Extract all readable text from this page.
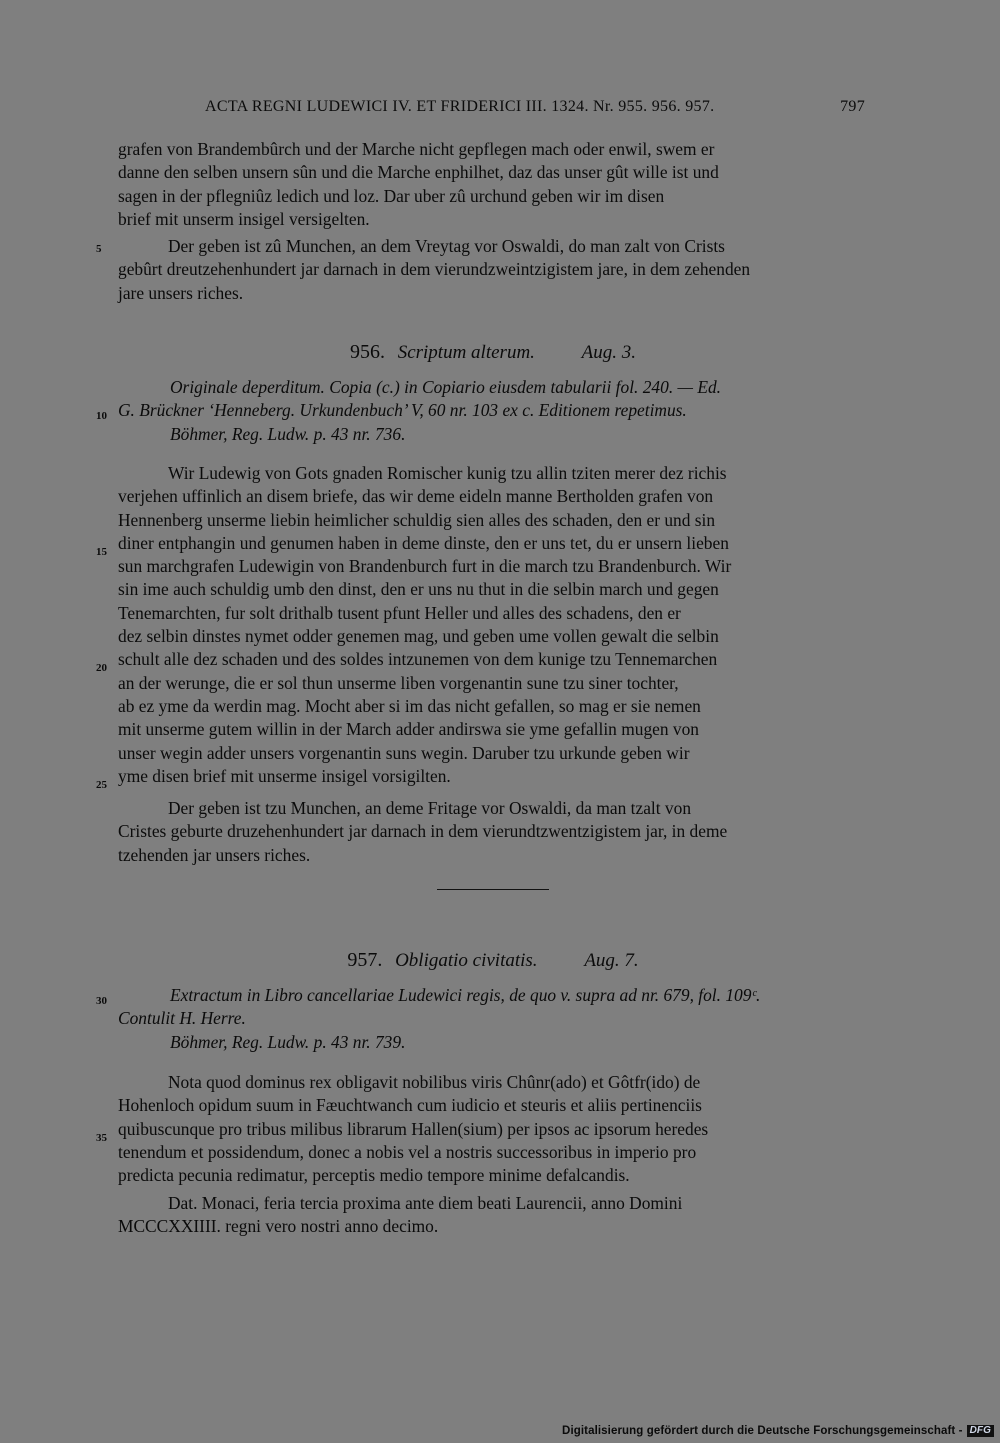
ACTA REGNI LUDEWICI IV. ET FRIDERICI III. 1324. Nr. 955. 956. 957.	797

grafen von Brandembûrch und der Marche nicht gepflegen mach oder enwil, swem er

danne den selben unsern sûn und die Marche enphilhet, daz das unser gût wille ist und

sagen in der pflegniûz ledich und loz. Dar uber zû urchund geben wir im disen

brief mit unserm insigel versigelten.

5	Der geben ist zû Munchen, an dem Vreytag vor Oswaldi, do man zalt von Crists

gebûrt dreutzehenhundert jar darnach in dem vierundzweintzigistem jare, in dem zehenden

jare unsers riches.

956. Scriptum alterum. Aug. 3.
10
Originale deperditum. Copia (c.) in Copiario eiusdem tabularii fol. 240. — Ed.
G. Brückner ‘Henneberg. Urkundenbuch’ V, 60 nr. 103 ex c. Editionem repetimus.
Böhmer, Reg. Ludw. p. 43 nr. 736.
15
20
25

Wir Ludewig von Gots gnaden Romischer kunig tzu allin tziten merer dez richis

verjehen uffinlich an disem briefe, das wir deme eideln manne Bertholden grafen von

Hennenberg unserme liebin heimlicher schuldig sien alles des schaden, den er und sin

diner entphangin und genumen haben in deme dinste, den er uns tet, du er unsern lieben

sun marchgrafen Ludewigin von Brandenburch furt in die march tzu Brandenburch. Wir

sin ime auch schuldig umb den dinst, den er uns nu thut in die selbin march und gegen

Tenemarchten, fur solt drithalb tusent pfunt Heller und alles des schadens, den er

dez selbin dinstes nymet odder genemen mag, und geben ume vollen gewalt die selbin

schult alle dez schaden und des soldes intzunemen von dem kunige tzu Tennemarchen

an der werunge, die er sol thun unserme liben vorgenantin sune tzu siner tochter,

ab ez yme da werdin mag. Mocht aber si im das nicht gefallen, so mag er sie nemen

mit unserme gutem willin in der March adder andirswa sie yme gefallin mugen von

unser wegin adder unsers vorgenantin suns wegin. Daruber tzu urkunde geben wir

yme disen brief mit unserme insigel vorsigilten.

Der geben ist tzu Munchen, an deme Fritage vor Oswaldi, da man tzalt von

Cristes geburte druzehenhundert jar darnach in dem vierundtzwentzigistem jar, in deme

tzehenden jar unsers riches.

957. Obligatio civitatis. Aug. 7.
30	Extractum in Libro cancellariae Ludewici regis, de quo v. supra ad nr. 679, fol. 109ᶜ.
Contulit H. Herre.
Böhmer, Reg. Ludw. p. 43 nr. 739.
35

Nota quod dominus rex obligavit nobilibus viris Chûnr(ado) et Gôtfr(ido) de

Hohenloch opidum suum in Fæuchtwanch cum iudicio et steuris et aliis pertinenciis

quibuscunque pro tribus milibus librarum Hallen(sium) per ipsos ac ipsorum heredes

tenendum et possidendum, donec a nobis vel a nostris successoribus in imperio pro

predicta pecunia redimatur, perceptis medio tempore minime defalcandis.

Dat. Monaci, feria tercia proxima ante diem beati Laurencii, anno Domini

MCCCXXIIII. regni vero nostri anno decimo.

Digitalisierung gefördert durch die Deutsche Forschungsgemeinschaft - DFG
